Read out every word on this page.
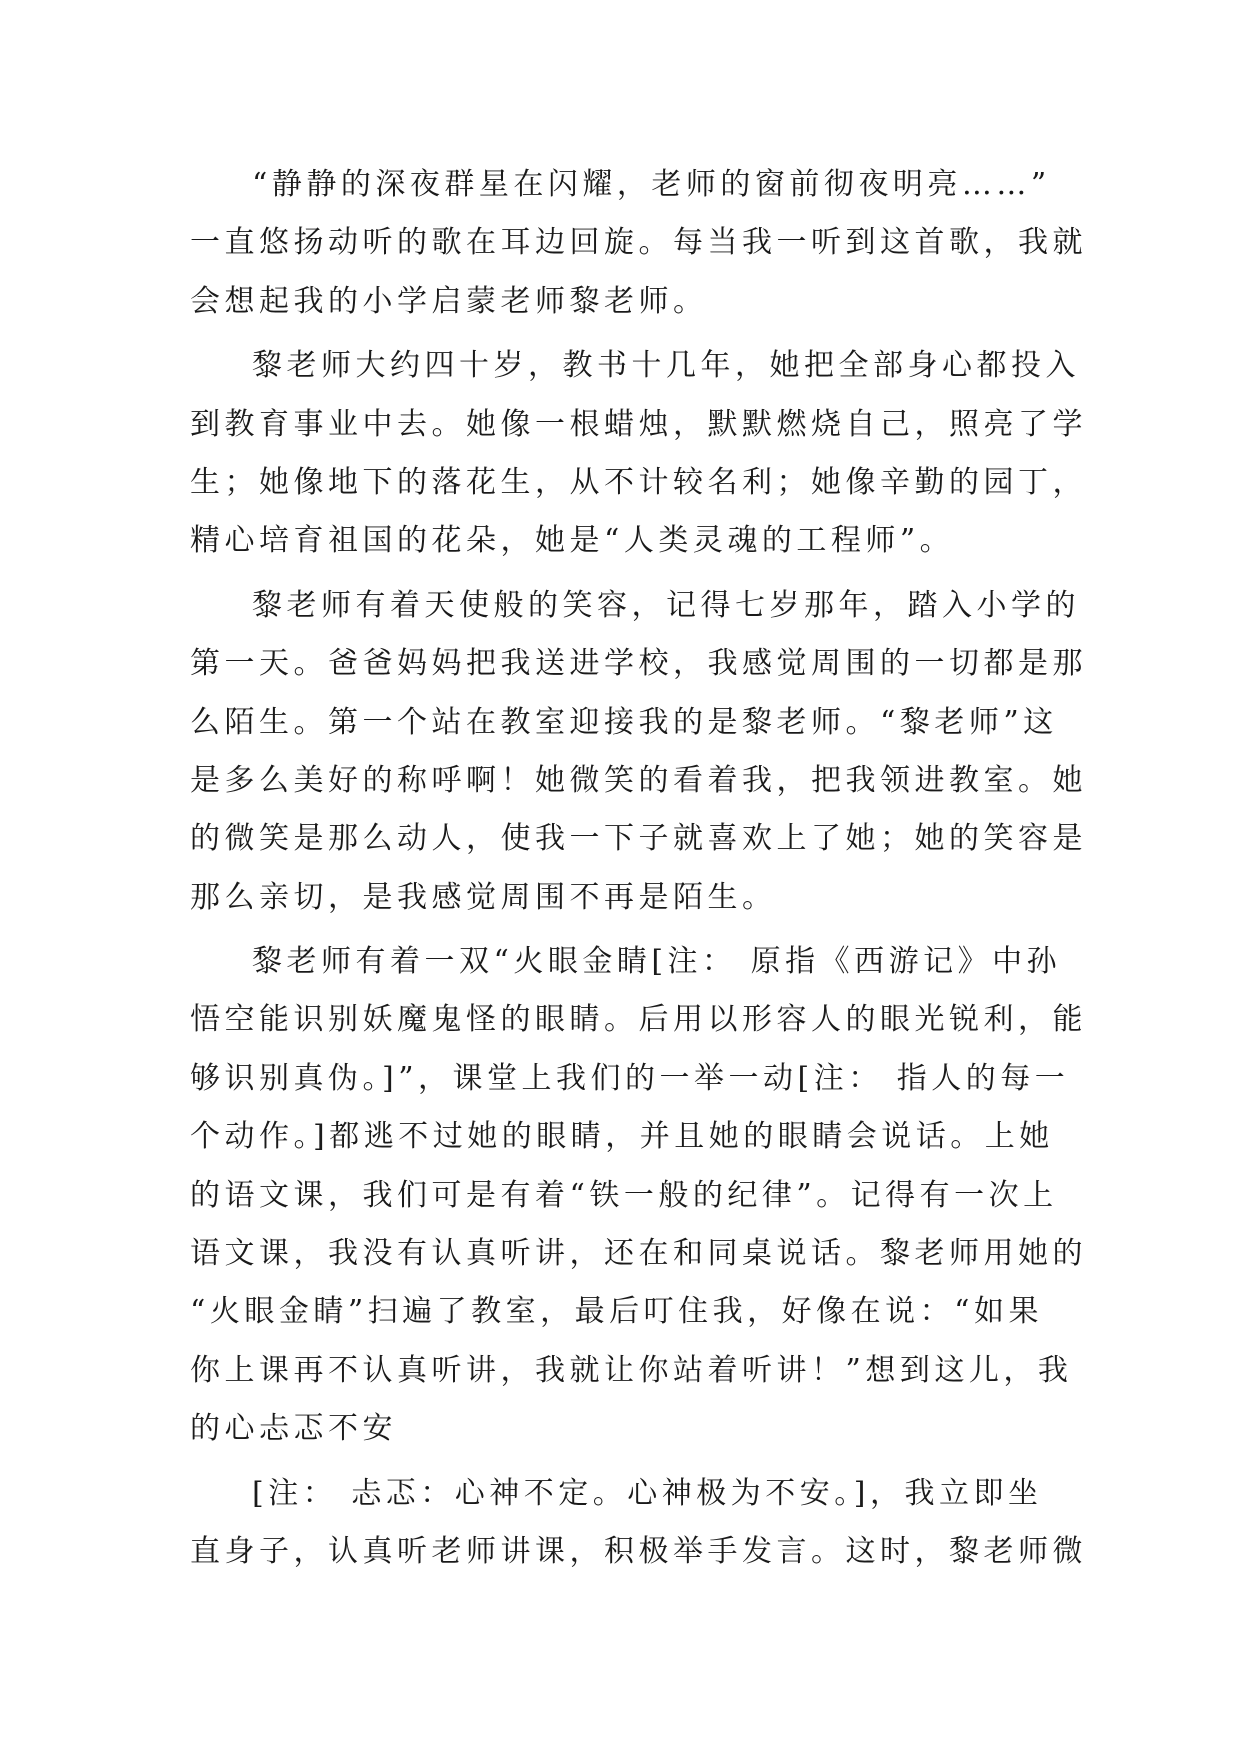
“静静的深夜群星在闪耀，老师的窗前彻夜明亮……”
一直悠扬动听的歌在耳边回旋。每当我一听到这首歌，我就
会想起我的小学启蒙老师黎老师。
黎老师大约四十岁，教书十几年，她把全部身心都投入
到教育事业中去。她像一根蜡烛，默默燃烧自己，照亮了学
生；她像地下的落花生，从不计较名利；她像辛勤的园丁，
精心培育祖国的花朵，她是“人类灵魂的工程师”。
黎老师有着天使般的笑容，记得七岁那年，踏入小学的
第一天。爸爸妈妈把我送进学校，我感觉周围的一切都是那
么陌生。第一个站在教室迎接我的是黎老师。“黎老师”这
是多么美好的称呼啊！她微笑的看着我，把我领进教室。她
的微笑是那么动人，使我一下子就喜欢上了她；她的笑容是
那么亲切，是我感觉周围不再是陌生。
黎老师有着一双“火眼金睛[注： 原指《西游记》中孙
悟空能识别妖魔鬼怪的眼睛。后用以形容人的眼光锐利，能
够识别真伪。]”，课堂上我们的一举一动[注： 指人的每一
个动作。]都逃不过她的眼睛，并且她的眼睛会说话。上她
的语文课，我们可是有着“铁一般的纪律”。记得有一次上
语文课，我没有认真听讲，还在和同桌说话。黎老师用她的
“火眼金睛”扫遍了教室，最后叮住我，好像在说：“如果
你上课再不认真听讲，我就让你站着听讲！”想到这儿，我
的心忐忑不安
[注： 忐忑：心神不定。心神极为不安。]，我立即坐
直身子，认真听老师讲课，积极举手发言。这时，黎老师微
